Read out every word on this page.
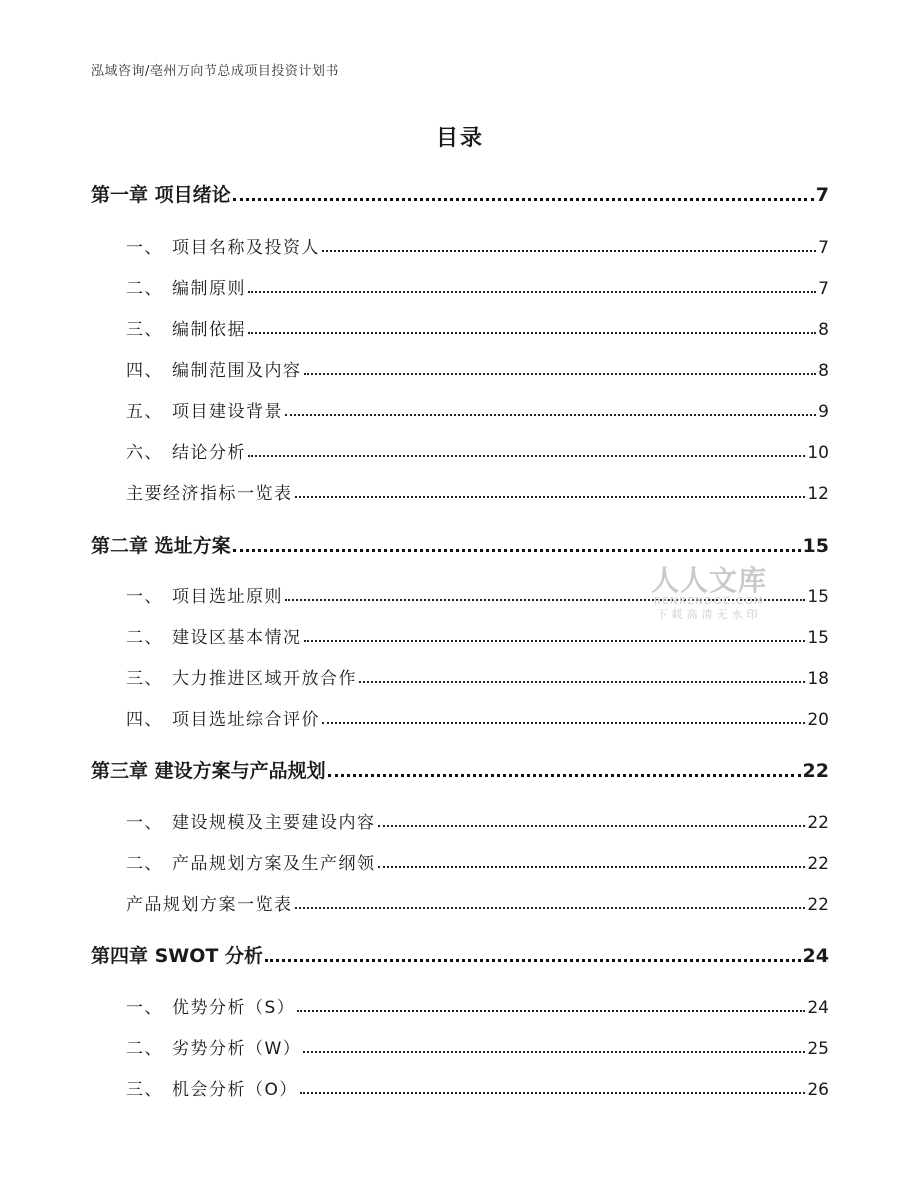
泓域咨询/亳州万向节总成项目投资计划书
目录
第一章 项目绪论	7
一、 项目名称及投资人	7
二、 编制原则	7
三、 编制依据	8
四、 编制范围及内容	8
五、 项目建设背景	9
六、 结论分析	10
主要经济指标一览表	12
第二章 选址方案	15
一、 项目选址原则	15
二、 建设区基本情况	15
三、 大力推进区域开放合作	18
四、 项目选址综合评价	20
第三章 建设方案与产品规划	22
一、 建设规模及主要建设内容	22
二、 产品规划方案及生产纲领	22
产品规划方案一览表	22
第四章 SWOT 分析	24
一、 优势分析（S）	24
二、 劣势分析（W）	25
三、 机会分析（O）	26
人人文库
RENRENDOC.COM
下载高清无水印
